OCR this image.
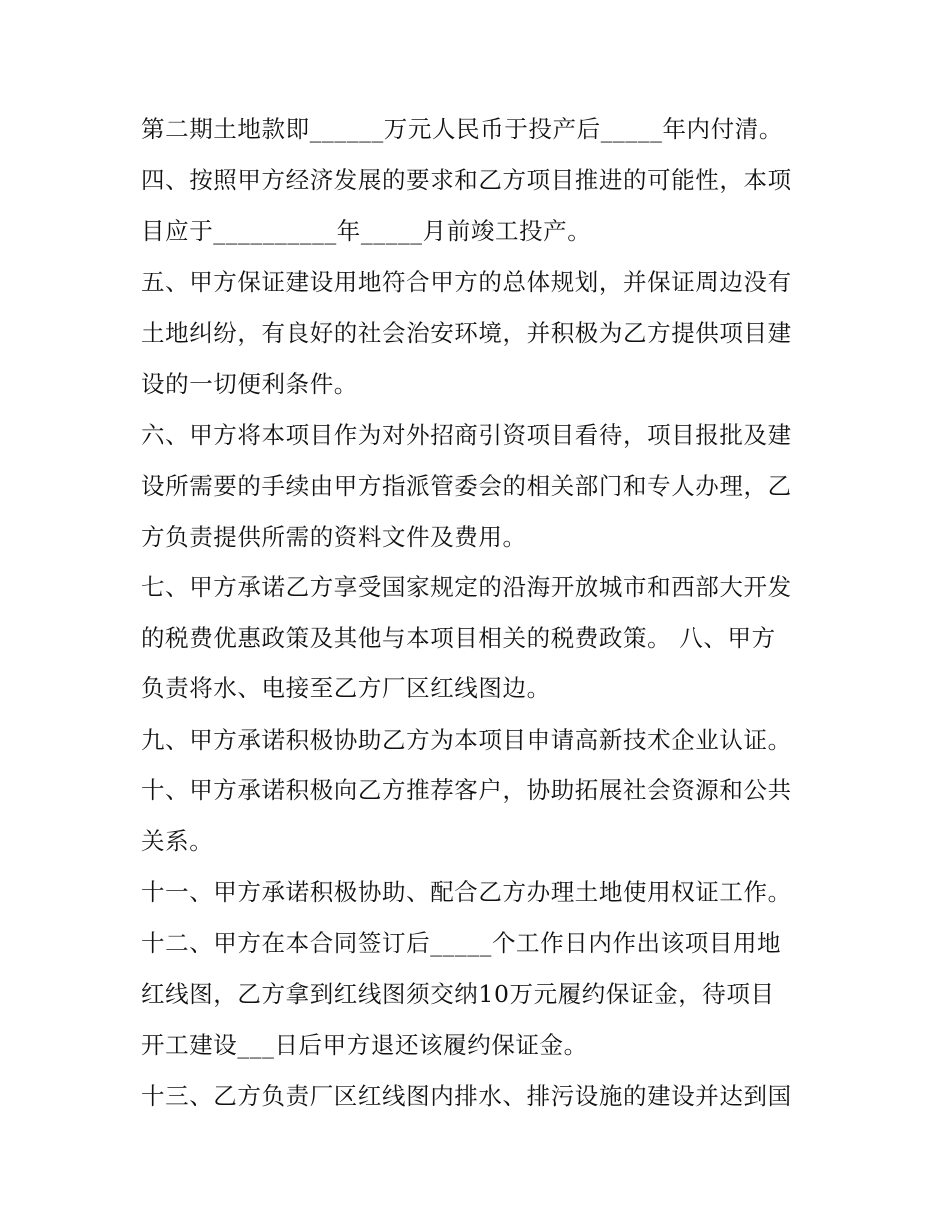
第二期土地款即______万元人民币于投产后_____年内付清。
四、按照甲方经济发展的要求和乙方项目推进的可能性，本项
目应于__________年_____月前竣工投产。
五、甲方保证建设用地符合甲方的总体规划，并保证周边没有
土地纠纷，有良好的社会治安环境，并积极为乙方提供项目建
设的一切便利条件。
六、甲方将本项目作为对外招商引资项目看待，项目报批及建
设所需要的手续由甲方指派管委会的相关部门和专人办理，乙
方负责提供所需的资料文件及费用。
七、甲方承诺乙方享受国家规定的沿海开放城市和西部大开发
的税费优惠政策及其他与本项目相关的税费政策。 八、甲方
负责将水、电接至乙方厂区红线图边。
九、甲方承诺积极协助乙方为本项目申请高新技术企业认证。
十、甲方承诺积极向乙方推荐客户，协助拓展社会资源和公共
关系。
十一、甲方承诺积极协助、配合乙方办理土地使用权证工作。
十二、甲方在本合同签订后_____个工作日内作出该项目用地
红线图，乙方拿到红线图须交纳10万元履约保证金，待项目
开工建设___日后甲方退还该履约保证金。
十三、乙方负责厂区红线图内排水、排污设施的建设并达到国
